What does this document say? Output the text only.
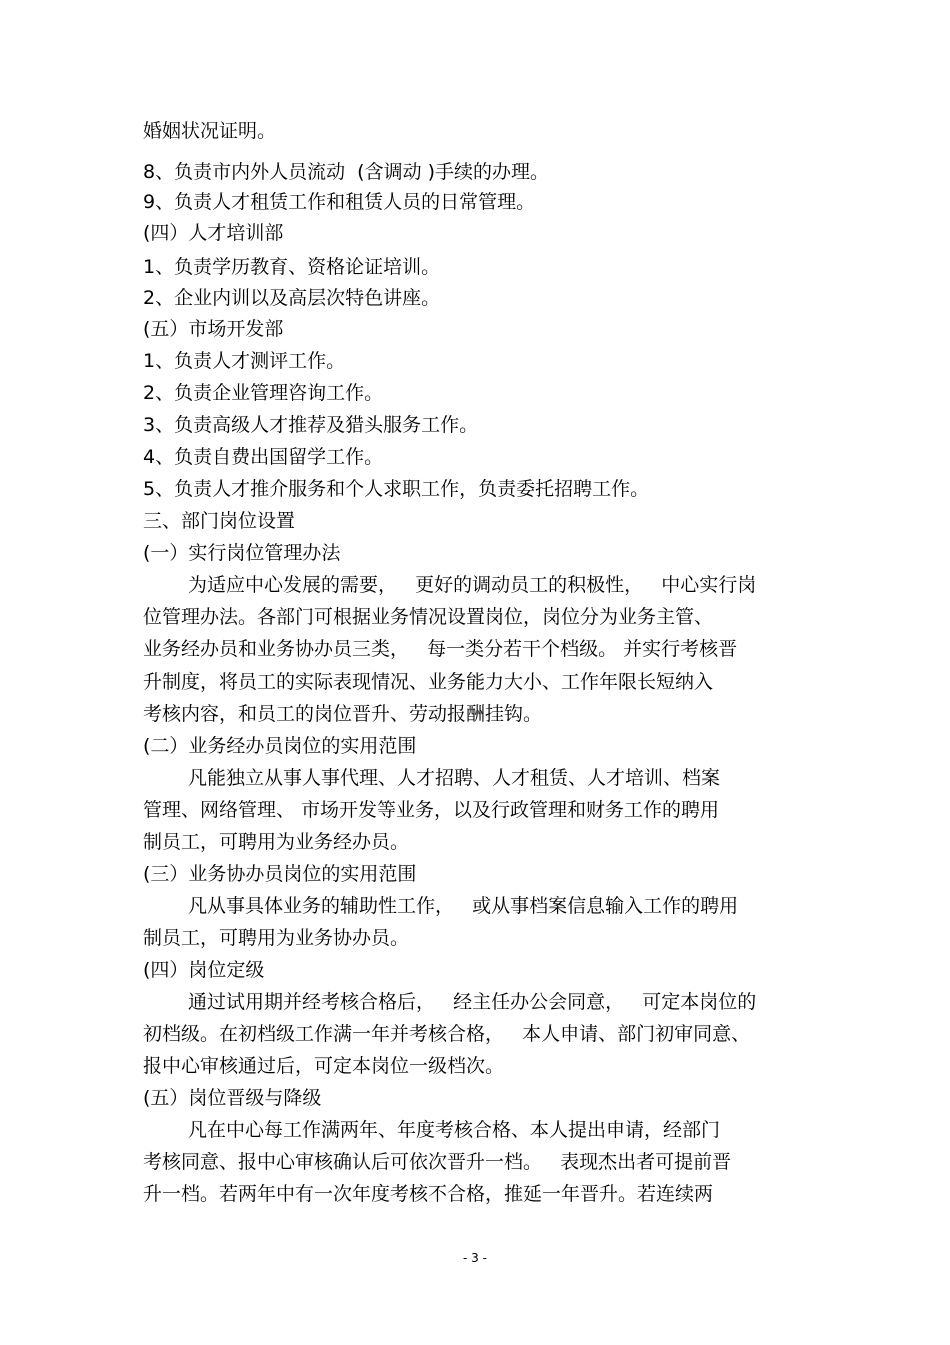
婚姻状况证明。
8、负责市内外人员流动  (含调动 )手续的办理。
9、负责人才租赁工作和租赁人员的日常管理。
(四）人才培训部
1、负责学历教育、资格论证培训。
2、企业内训以及高层次特色讲座。
(五）市场开发部
1、负责人才测评工作。
2、负责企业管理咨询工作。
3、负责高级人才推荐及猎头服务工作。
4、负责自费出国留学工作。
5、负责人才推介服务和个人求职工作，负责委托招聘工作。
三、部门岗位设置
(一）实行岗位管理办法
为适应中心发展的需要，   更好的调动员工的积极性，   中心实行岗
位管理办法。各部门可根据业务情况设置岗位，岗位分为业务主管、
业务经办员和业务协办员三类，   每一类分若干个档级。 并实行考核晋
升制度，将员工的实际表现情况、业务能力大小、工作年限长短纳入
考核内容，和员工的岗位晋升、劳动报酬挂钩。
(二）业务经办员岗位的实用范围
凡能独立从事人事代理、人才招聘、人才租赁、人才培训、档案
管理、网络管理、 市场开发等业务，以及行政管理和财务工作的聘用
制员工，可聘用为业务经办员。
(三）业务协办员岗位的实用范围
凡从事具体业务的辅助性工作，   或从事档案信息输入工作的聘用
制员工，可聘用为业务协办员。
(四）岗位定级
通过试用期并经考核合格后，   经主任办公会同意，   可定本岗位的
初档级。在初档级工作满一年并考核合格，   本人申请、部门初审同意、
报中心审核通过后，可定本岗位一级档次。
(五）岗位晋级与降级
凡在中心每工作满两年、年度考核合格、本人提出申请，经部门
考核同意、报中心审核确认后可依次晋升一档。   表现杰出者可提前晋
升一档。若两年中有一次年度考核不合格，推延一年晋升。若连续两
- 3 -
